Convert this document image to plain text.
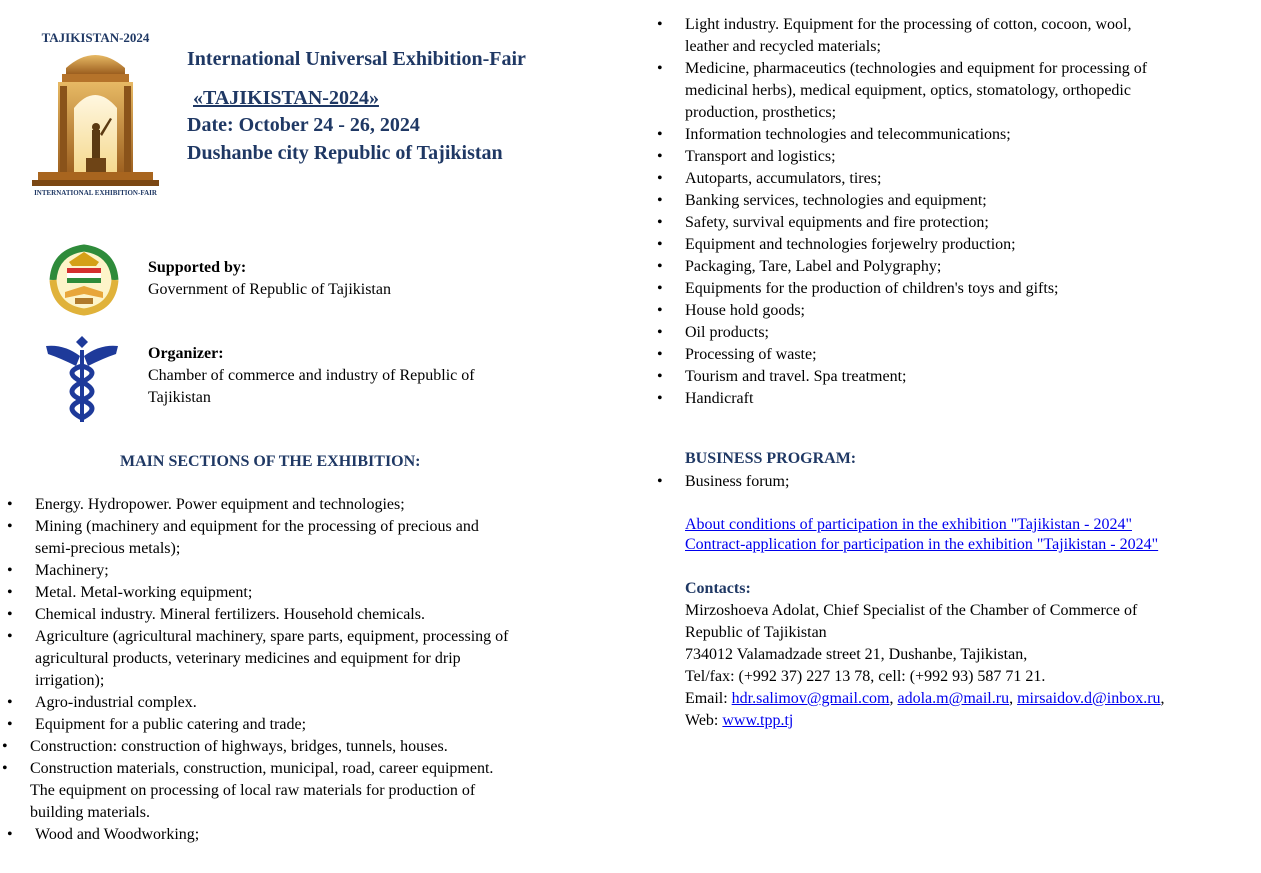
TAJIKISTAN-2024
INTERNATIONAL EXHIBITION-FAIR
International Universal Exhibition-Fair
«TAJIKISTAN-2024»
Date: October 24 - 26, 2024
Dushanbe city Republic of Tajikistan
Supported by:
Government of Republic of Tajikistan
Organizer:
Chamber of commerce and industry of Republic of
Tajikistan
MAIN SECTIONS OF THE EXHIBITION:
• Energy. Hydropower. Power equipment and technologies;
• Mining (machinery and equipment for the processing of precious and
semi-precious metals);
• Machinery;
• Metal. Metal-working equipment;
• Chemical industry. Mineral fertilizers. Household chemicals.
• Agriculture (agricultural machinery, spare parts, equipment, processing of
agricultural products, veterinary medicines and equipment for drip
irrigation);
• Agro-industrial complex.
• Equipment for a public catering and trade;
• Construction: construction of highways, bridges, tunnels, houses.
• Construction materials, construction, municipal, road, career equipment.
The equipment on processing of local raw materials for production of
building materials.
• Wood and Woodworking;
• Light industry. Equipment for the processing of cotton, cocoon, wool,
leather and recycled materials;
• Medicine, pharmaceutics (technologies and equipment for processing of
medicinal herbs), medical equipment, optics, stomatology, orthopedic
production, prosthetics;
• Information technologies and telecommunications;
• Transport and logistics;
• Autoparts, accumulators, tires;
• Banking services, technologies and equipment;
• Safety, survival equipments and fire protection;
• Equipment and technologies forjewelry production;
• Packaging, Tare, Label and Polygraphy;
• Equipments for the production of children's toys and gifts;
• House hold goods;
• Oil products;
• Processing of waste;
• Tourism and travel. Spa treatment;
• Handicraft
BUSINESS PROGRAM:
• Business forum;
About conditions of participation in the exhibition "Tajikistan - 2024"
Contract-application for participation in the exhibition "Tajikistan - 2024"
Contacts:
Mirzoshoeva Adolat, Chief Specialist of the Chamber of Commerce of
Republic of Tajikistan
734012 Valamadzade street 21, Dushanbe, Tajikistan,
Tel/fax: (+992 37) 227 13 78, cell: (+992 93) 587 71 21.
Email: hdr.salimov@gmail.com, adola.m@mail.ru, mirsaidov.d@inbox.ru,
Web: www.tpp.tj
